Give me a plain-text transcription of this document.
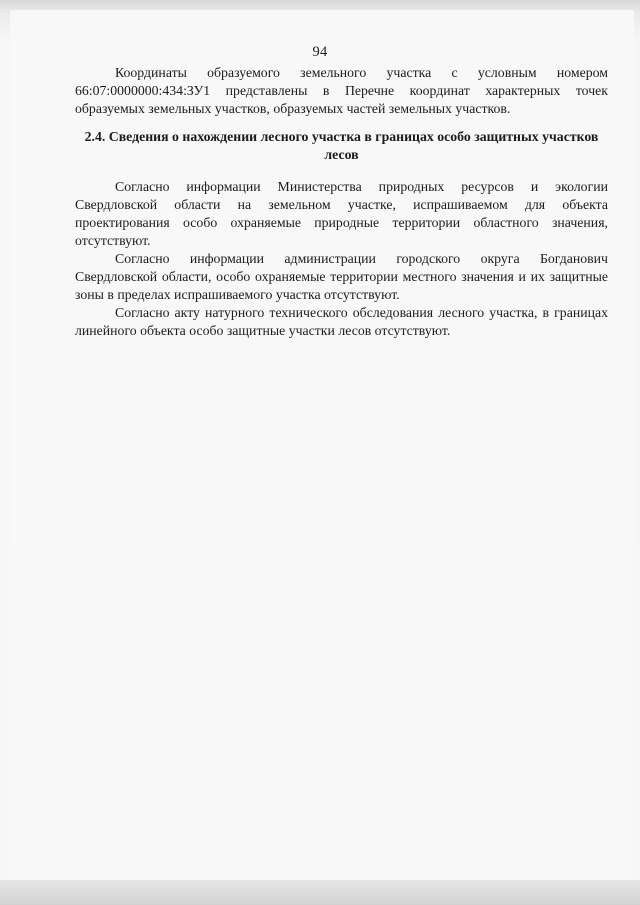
94

Координаты образуемого земельного участка с условным номером 66:07:0000000:434:ЗУ1 представлены в Перечне координат характерных точек образуемых земельных участков, образуемых частей земельных участков.

2.4. Сведения о нахождении лесного участка в границах особо защитных участков лесов

Согласно информации Министерства природных ресурсов и экологии Свердловской области на земельном участке, испрашиваемом для объекта проектирования особо охраняемые природные территории областного значения, отсутствуют.

Согласно информации администрации городского округа Богданович Свердловской области, особо охраняемые территории местного значения и их защитные зоны в пределах испрашиваемого участка отсутствуют.

Согласно акту натурного технического обследования лесного участка, в границах линейного объекта особо защитные участки лесов отсутствуют.
